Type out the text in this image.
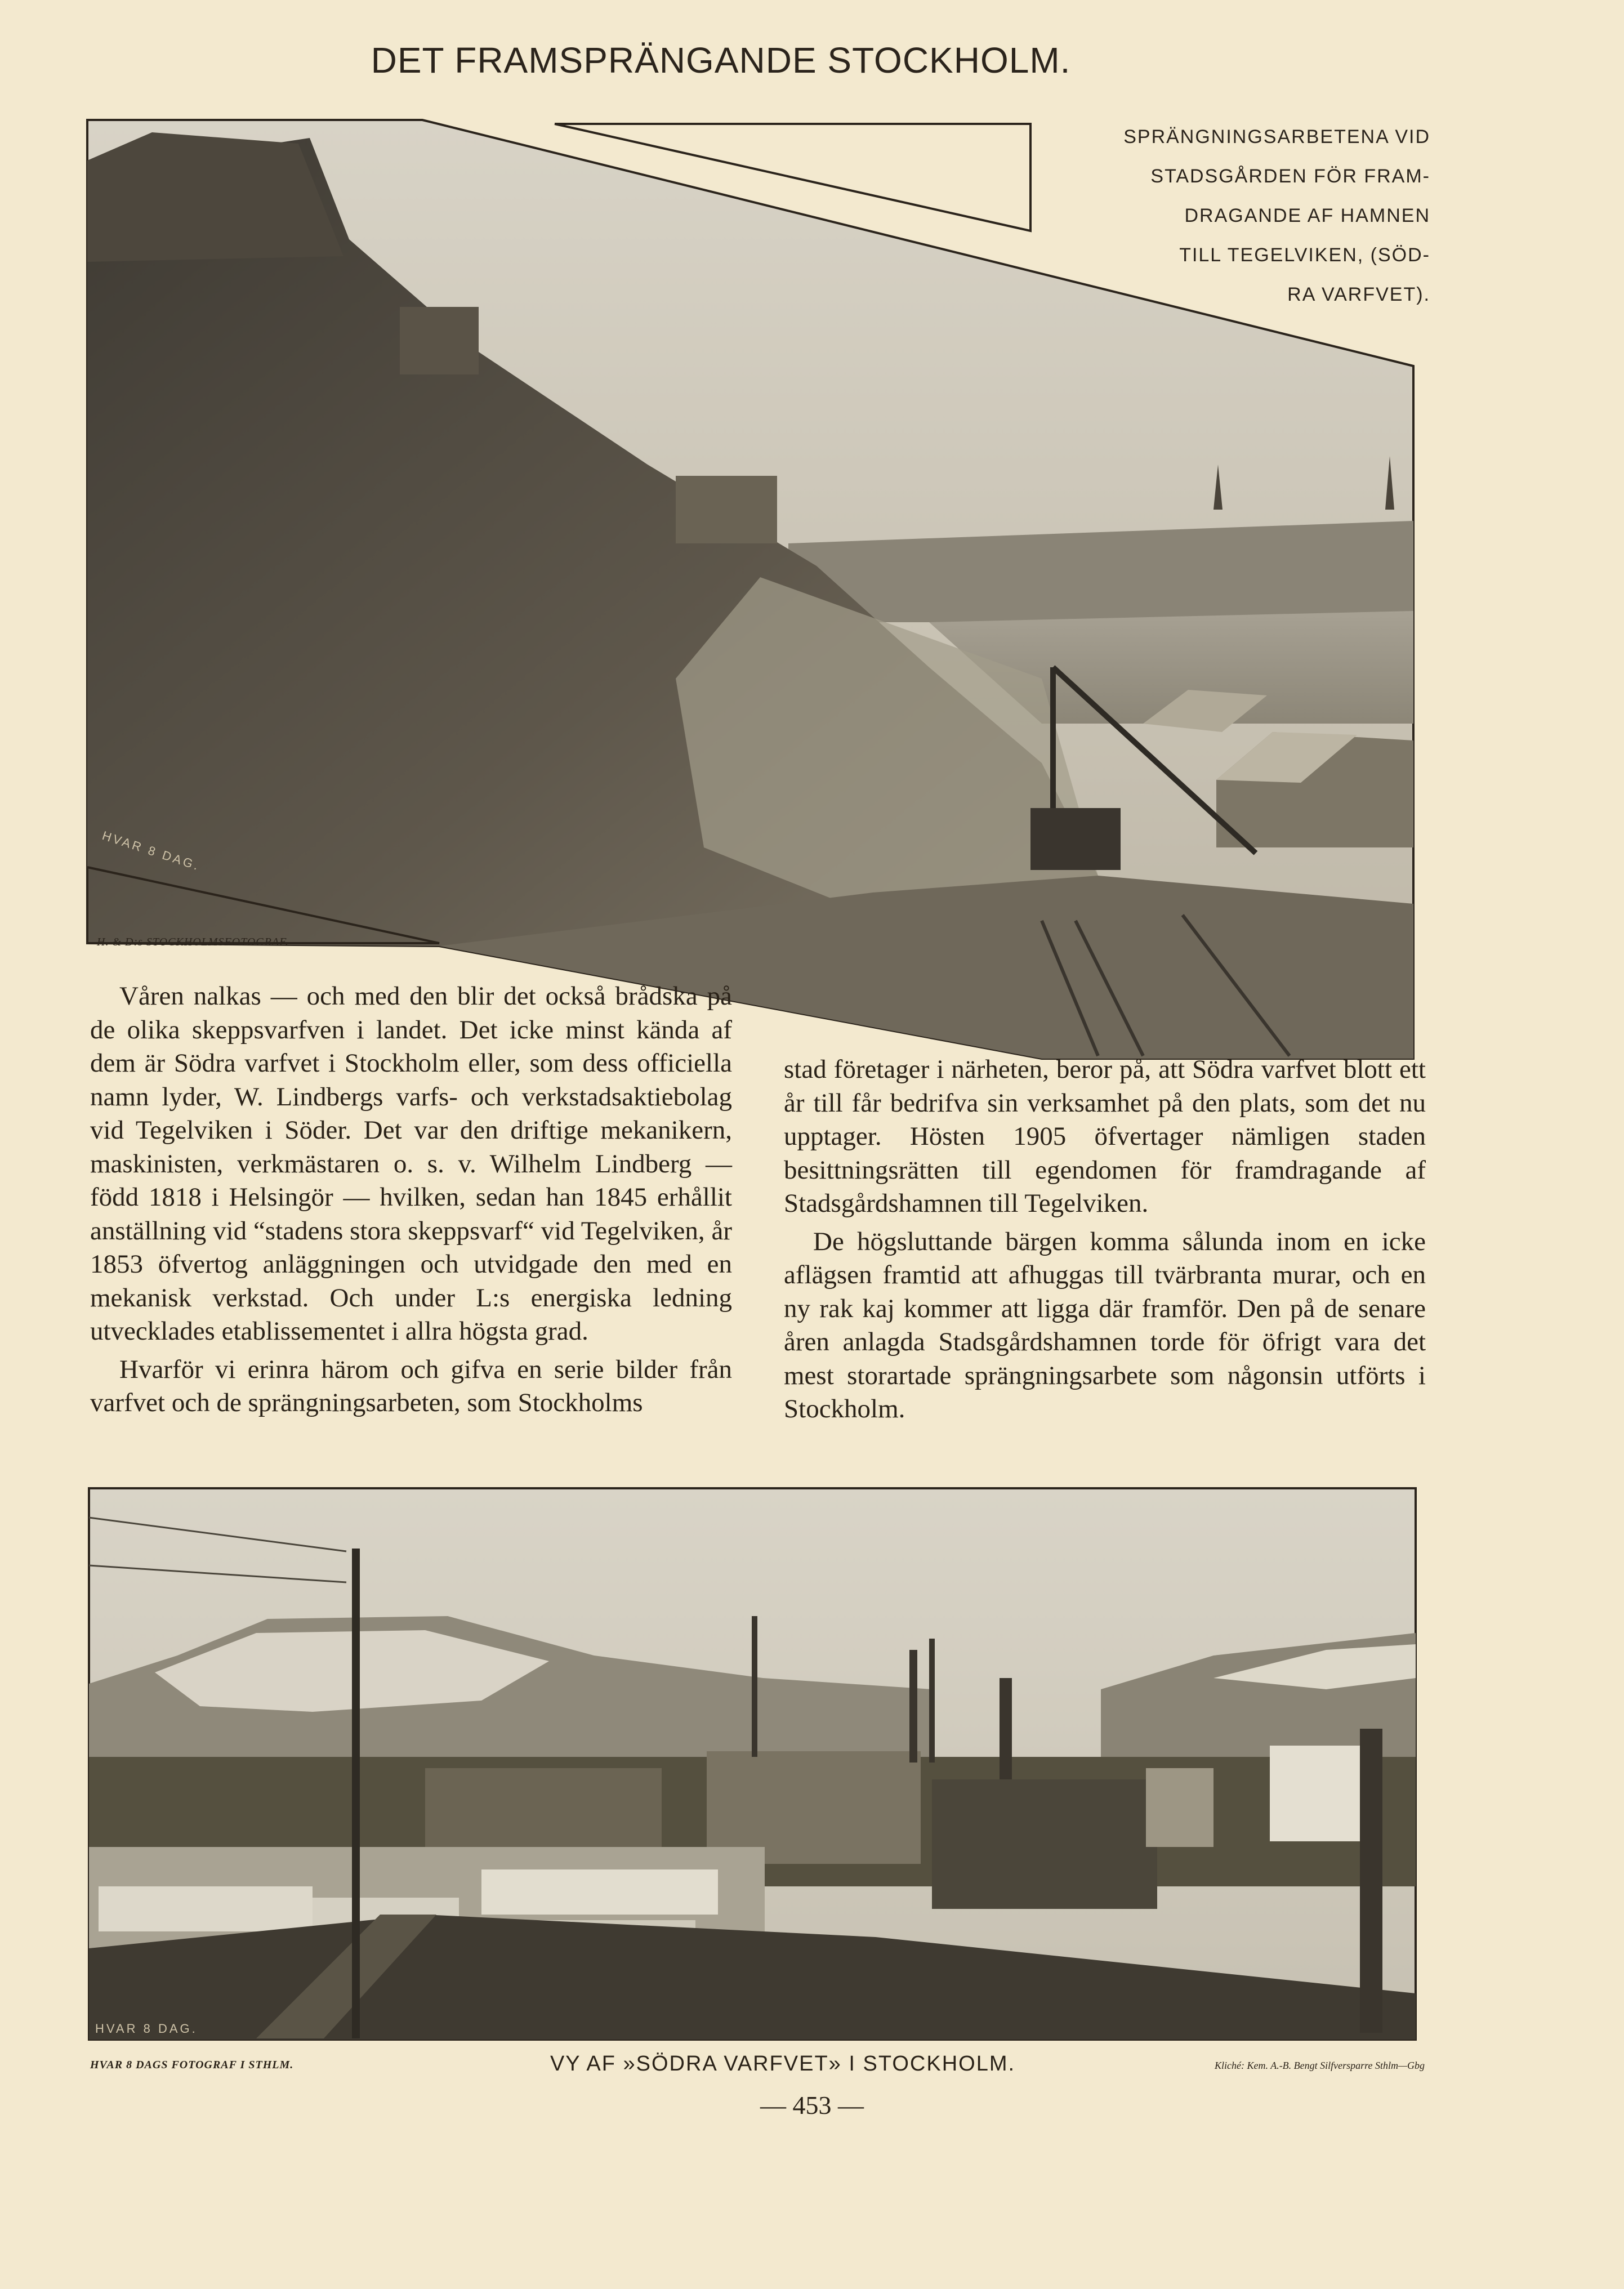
DET FRAMSPRÄNGANDE STOCKHOLM.
HVAR 8 DAG.
SPRÄNGNINGSARBETENA VID
STADSGÅRDEN FÖR FRAM-
DRAGANDE AF HAMNEN
TILL TEGELVIKEN, (SÖD-
RA VARFVET).
H. & D:s STOCKHOLMSFOTOGRAF.

Våren nalkas — och med den blir det också brådska på de olika skeppsvarfven i landet. Det icke minst kända af dem är Södra varfvet i Stockholm eller, som dess officiella namn lyder, W. Lindbergs varfs- och verkstadsaktiebolag vid Tegelviken i Söder. Det var den driftige mekanikern, maskinisten, verkmästaren o. s. v. Wilhelm Lindberg — född 1818 i Helsingör — hvilken, sedan han 1845 erhållit anställning vid “stadens stora skeppsvarf“ vid Tegelviken, år 1853 öfvertog anläggningen och utvidgade den med en mekanisk verkstad. Och under L:s energiska ledning utvecklades etablissementet i allra högsta grad.

Hvarför vi erinra härom och gifva en serie bilder från varfvet och de sprängningsarbeten, som Stockholms

stad företager i närheten, beror på, att Södra varfvet blott ett år till får bedrifva sin verksamhet på den plats, som det nu upptager. Hösten 1905 öfvertager nämligen staden besittningsrätten till egendomen för framdragande af Stadsgårdshamnen till Tegelviken.

De högsluttande bärgen komma sålunda inom en icke aflägsen framtid att afhuggas till tvärbranta murar, och en ny rak kaj kommer att ligga där framför. Den på de senare åren anlagda Stadsgårdshamnen torde för öfrigt vara det mest storartade sprängningsarbete som någonsin utförts i Stockholm.

HVAR 8 DAG.
HVAR 8 DAGS FOTOGRAF I STHLM.	VY AF »SÖDRA VARFVET» I STOCKHOLM.	Kliché: Kem. A.-B. Bengt Silfversparre Sthlm—Gbg
— 453 —
